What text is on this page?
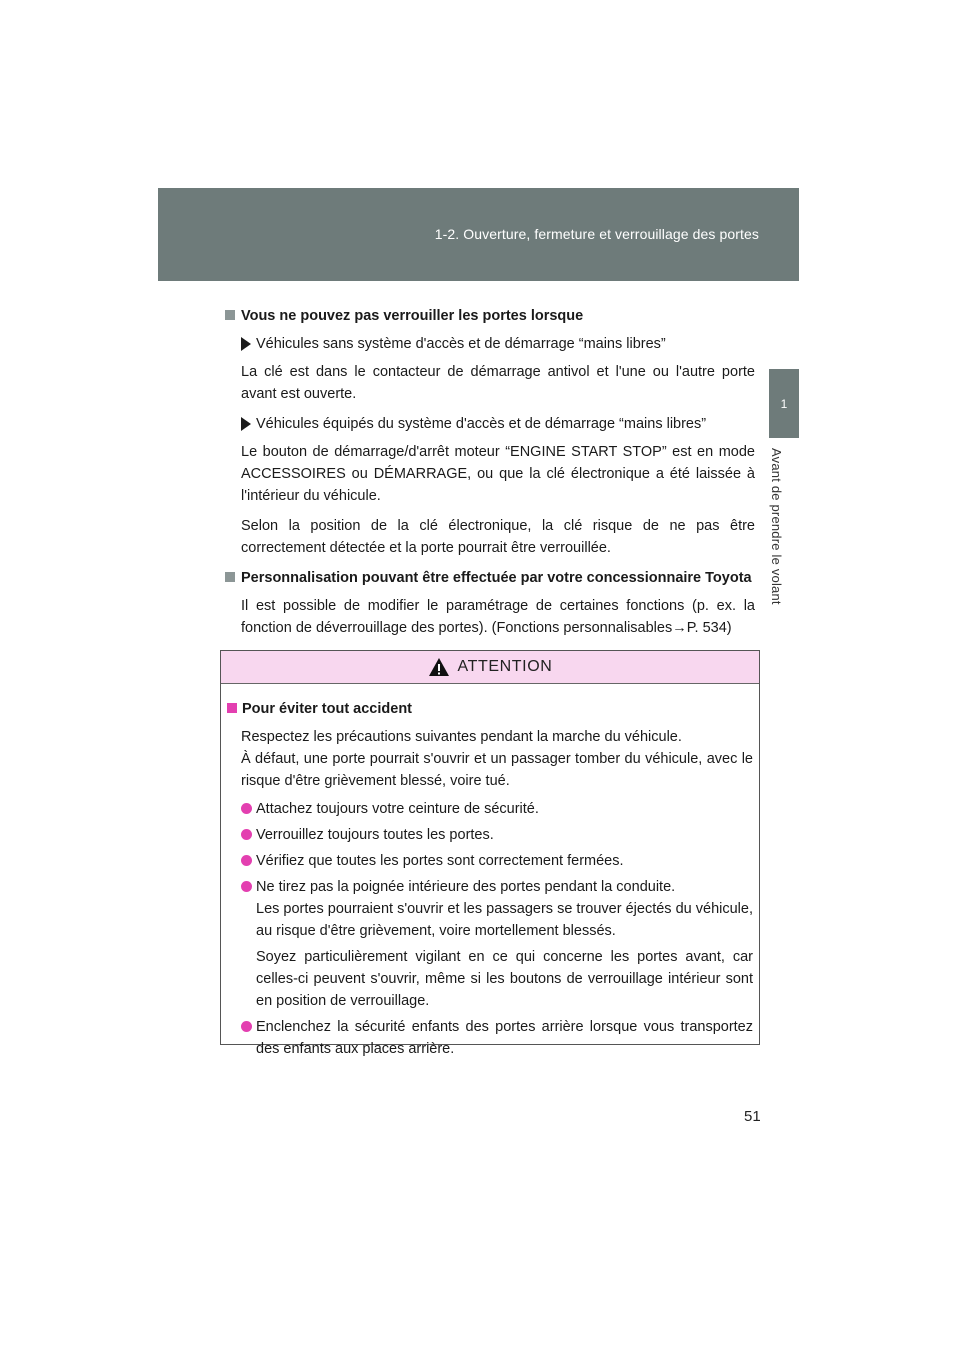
1-2. Ouverture, fermeture et verrouillage des portes
1
Avant de prendre le volant
Vous ne pouvez pas verrouiller les portes lorsque
Véhicules sans système d'accès et de démarrage “mains libres”
La clé est dans le contacteur de démarrage antivol et l'une ou l'autre porte avant est ouverte.
Véhicules équipés du système d'accès et de démarrage “mains libres”
Le bouton de démarrage/d'arrêt moteur “ENGINE START STOP” est en mode ACCESSOIRES ou DÉMARRAGE, ou que la clé électronique a été laissée à l'intérieur du véhicule.
Selon la position de la clé électronique, la clé risque de ne pas être correctement détectée et la porte pourrait être verrouillée.
Personnalisation pouvant être effectuée par votre concessionnaire Toyota
Il est possible de modifier le paramétrage de certaines fonctions (p. ex. la fonction de déverrouillage des portes). (Fonctions personnalisables→P. 534)
ATTENTION
Pour éviter tout accident
Respectez les précautions suivantes pendant la marche du véhicule.
À défaut, une porte pourrait s'ouvrir et un passager tomber du véhicule, avec le risque d'être grièvement blessé, voire tué.
Attachez toujours votre ceinture de sécurité.
Verrouillez toujours toutes les portes.
Vérifiez que toutes les portes sont correctement fermées.
Ne tirez pas la poignée intérieure des portes pendant la conduite.
Les portes pourraient s'ouvrir et les passagers se trouver éjectés du véhicule, au risque d'être grièvement, voire mortellement blessés.
Soyez particulièrement vigilant en ce qui concerne les portes avant, car celles-ci peuvent s'ouvrir, même si les boutons de verrouillage intérieur sont en position de verrouillage.
Enclenchez la sécurité enfants des portes arrière lorsque vous transportez des enfants aux places arrière.
51
